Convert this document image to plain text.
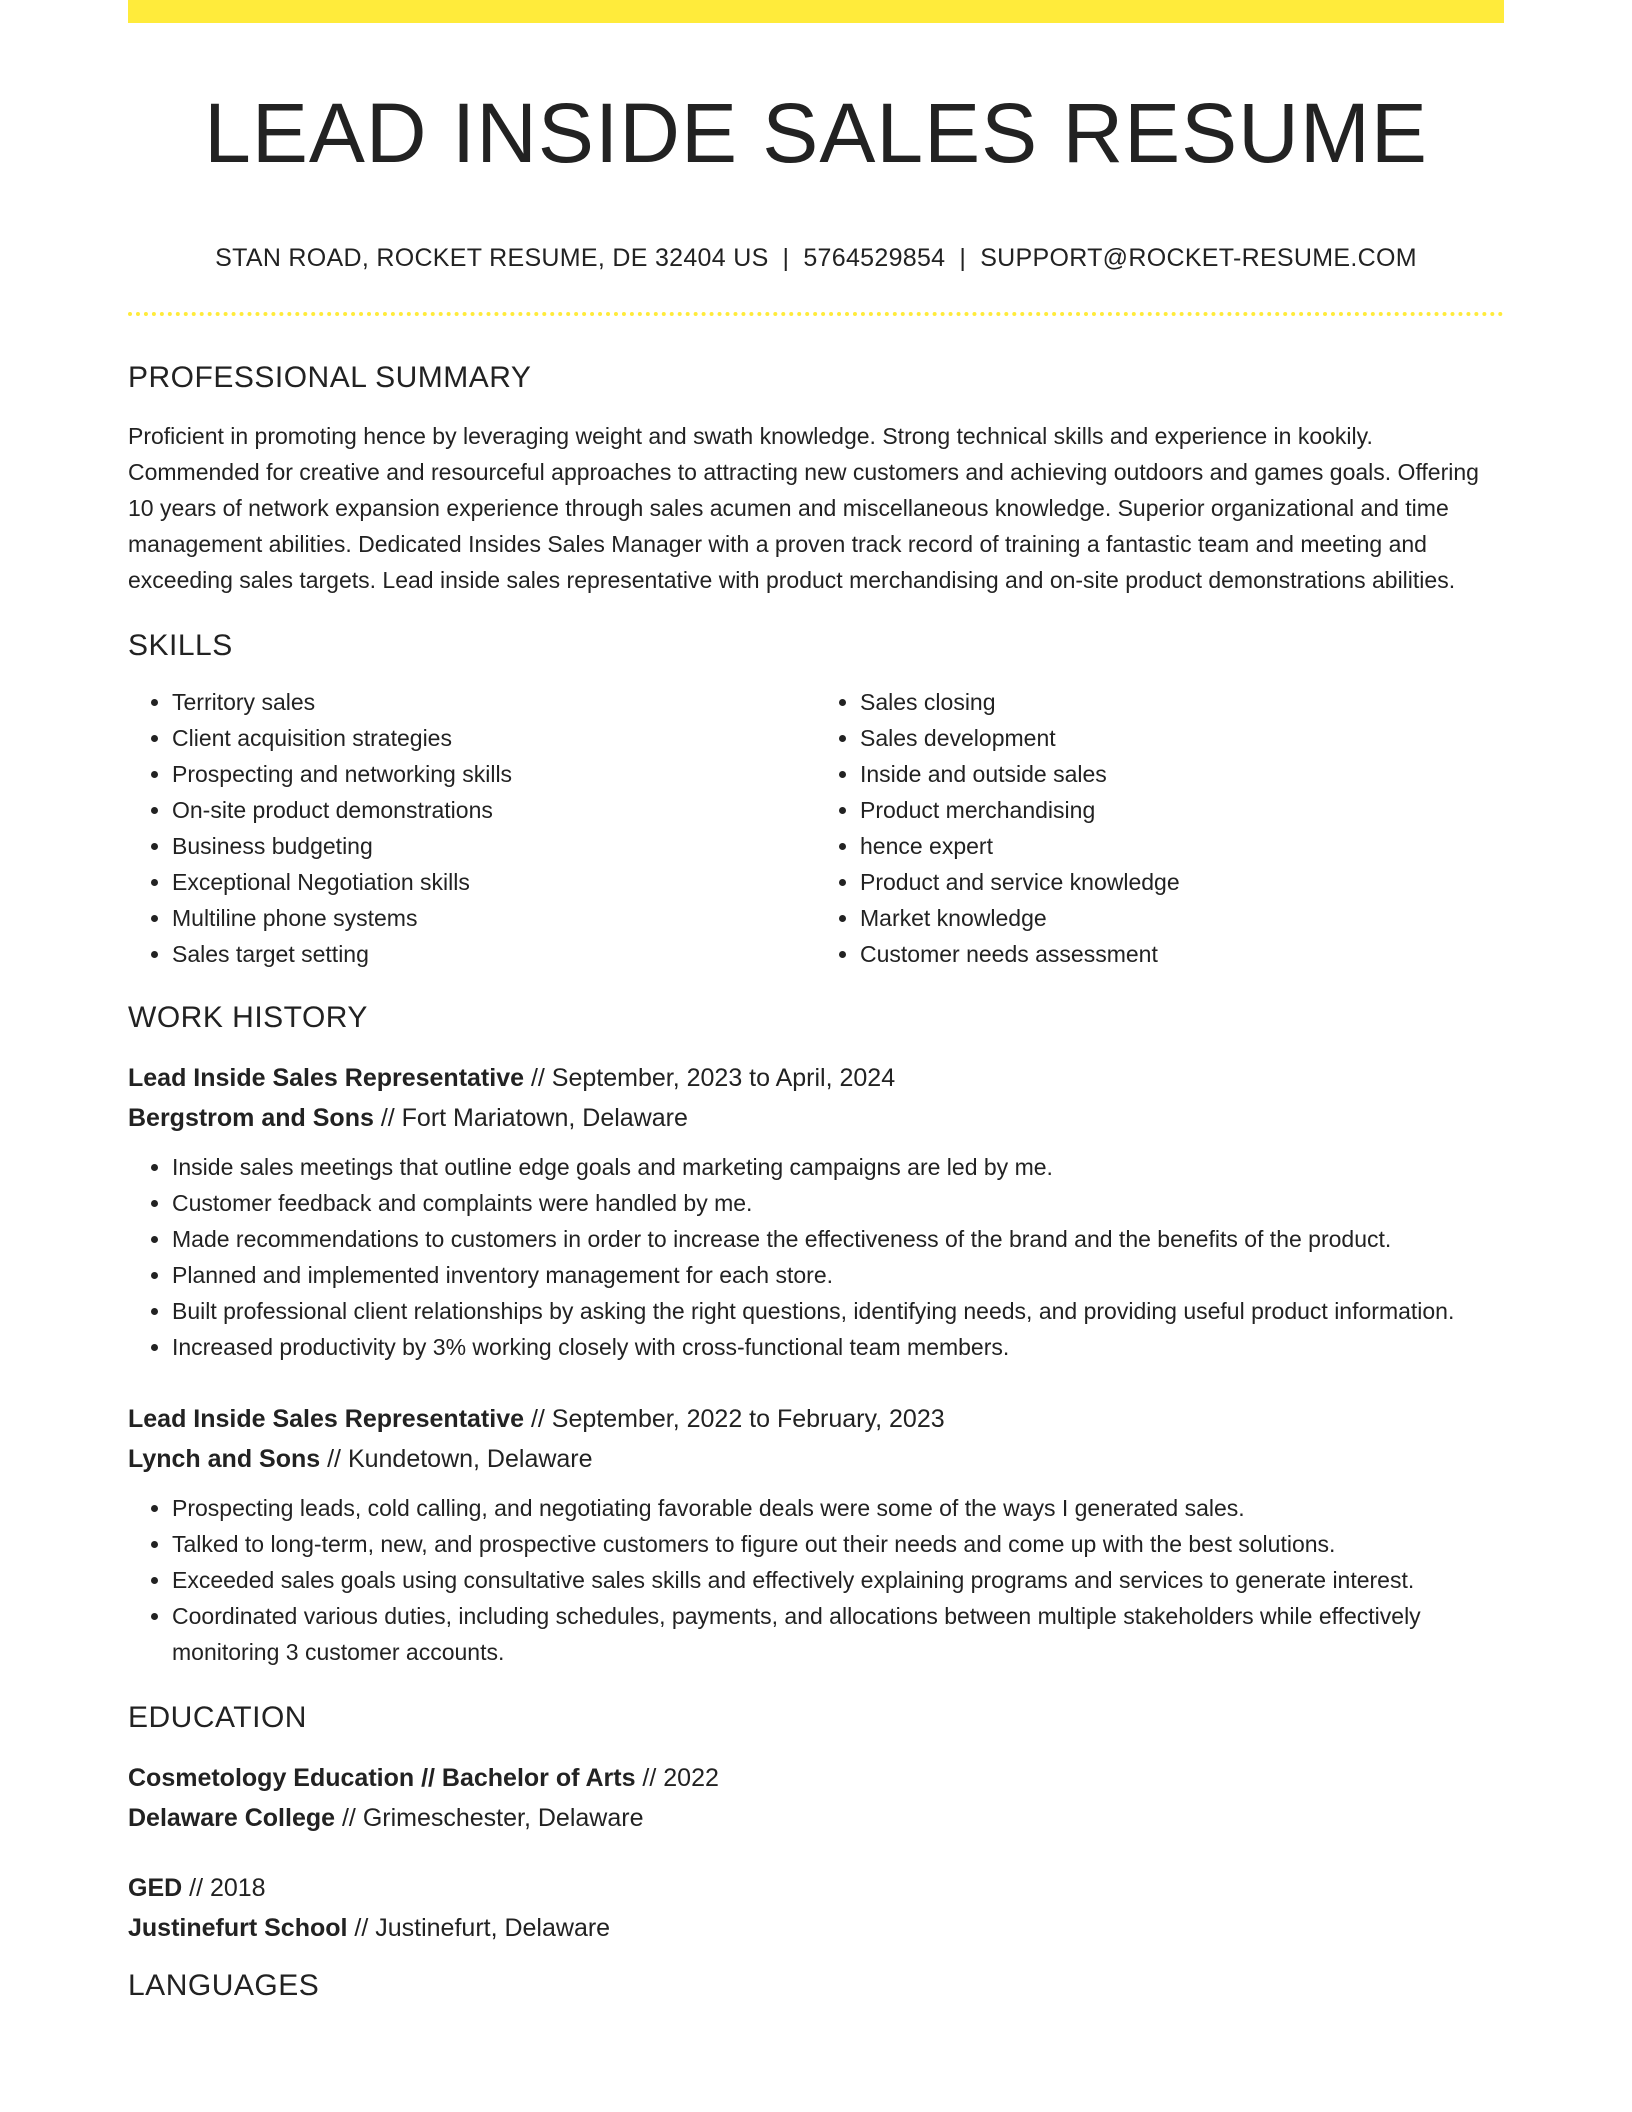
LEAD INSIDE SALES RESUME
STAN ROAD, ROCKET RESUME, DE 32404 US | 5764529854 | SUPPORT@ROCKET-RESUME.COM
PROFESSIONAL SUMMARY
Proficient in promoting hence by leveraging weight and swath knowledge. Strong technical skills and experience in kookily. Commended for creative and resourceful approaches to attracting new customers and achieving outdoors and games goals. Offering 10 years of network expansion experience through sales acumen and miscellaneous knowledge. Superior organizational and time management abilities. Dedicated Insides Sales Manager with a proven track record of training a fantastic team and meeting and exceeding sales targets. Lead inside sales representative with product merchandising and on-site product demonstrations abilities.
SKILLS
• Territory sales
• Client acquisition strategies
• Prospecting and networking skills
• On-site product demonstrations
• Business budgeting
• Exceptional Negotiation skills
• Multiline phone systems
• Sales target setting
• Sales closing
• Sales development
• Inside and outside sales
• Product merchandising
• hence expert
• Product and service knowledge
• Market knowledge
• Customer needs assessment
WORK HISTORY
Lead Inside Sales Representative // September, 2023 to April, 2024
Bergstrom and Sons // Fort Mariatown, Delaware
• Inside sales meetings that outline edge goals and marketing campaigns are led by me.
• Customer feedback and complaints were handled by me.
• Made recommendations to customers in order to increase the effectiveness of the brand and the benefits of the product.
• Planned and implemented inventory management for each store.
• Built professional client relationships by asking the right questions, identifying needs, and providing useful product information.
• Increased productivity by 3% working closely with cross-functional team members.
Lead Inside Sales Representative // September, 2022 to February, 2023
Lynch and Sons // Kundetown, Delaware
• Prospecting leads, cold calling, and negotiating favorable deals were some of the ways I generated sales.
• Talked to long-term, new, and prospective customers to figure out their needs and come up with the best solutions.
• Exceeded sales goals using consultative sales skills and effectively explaining programs and services to generate interest.
• Coordinated various duties, including schedules, payments, and allocations between multiple stakeholders while effectively monitoring 3 customer accounts.
EDUCATION
Cosmetology Education // Bachelor of Arts // 2022
Delaware College // Grimeschester, Delaware
GED // 2018
Justinefurt School // Justinefurt, Delaware
LANGUAGES
